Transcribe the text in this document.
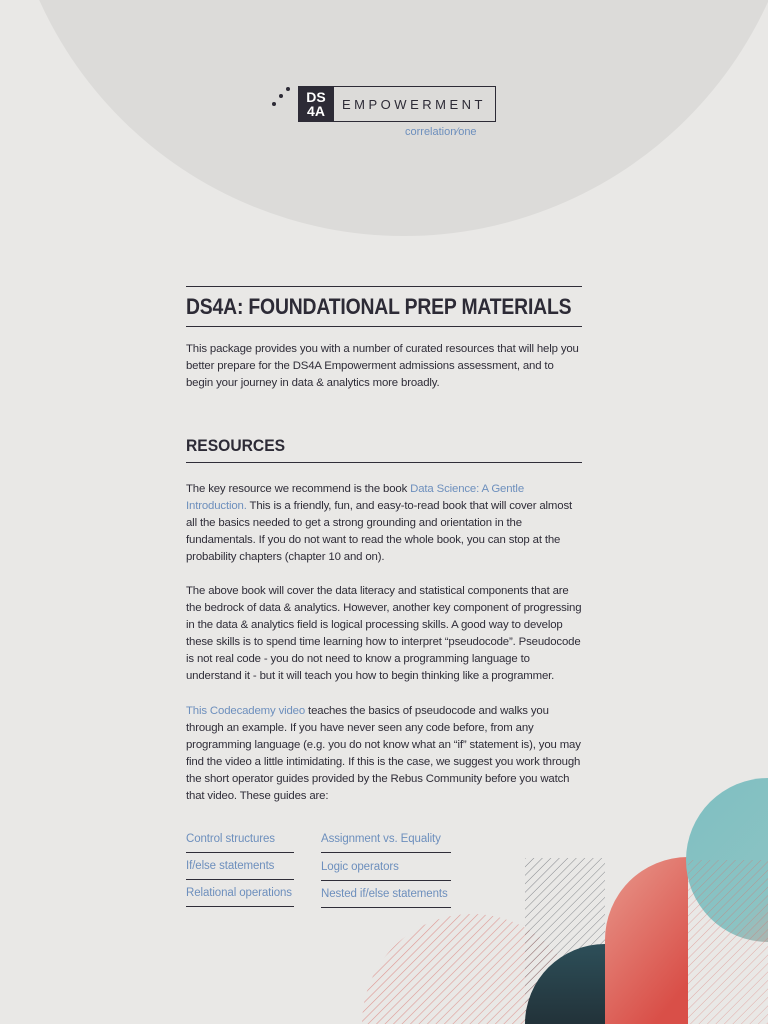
DS
4A	EMPOWERMENT
correlation∕one
DS4A: FOUNDATIONAL PREP MATERIALS

This package provides you with a number of curated resources that will help you better prepare for the DS4A Empowerment admissions assessment, and to begin your journey in data & analytics more broadly.

RESOURCES

The key resource we recommend is the book Data Science: A Gentle Introduction. This is a friendly, fun, and easy-to-read book that will cover almost all the basics needed to get a strong grounding and orientation in the fundamentals. If you do not want to read the whole book, you can stop at the probability chapters (chapter 10 and on).

The above book will cover the data literacy and statistical components that are the bedrock of data & analytics. However, another key component of progressing in the data & analytics field is logical processing skills. A good way to develop these skills is to spend time learning how to interpret “pseudocode”. Pseudocode is not real code - you do not need to know a programming language to understand it - but it will teach you how to begin thinking like a programmer.

This Codecademy video teaches the basics of pseudocode and walks you through an example. If you have never seen any code before, from any programming language (e.g. you do not know what an “if” statement is), you may find the video a little intimidating. If this is the case, we suggest you work through the short operator guides provided by the Rebus Community before you watch that video. These guides are:

Control structures
If/else statements
Relational operations
Assignment vs. Equality
Logic operators
Nested if/else statements
